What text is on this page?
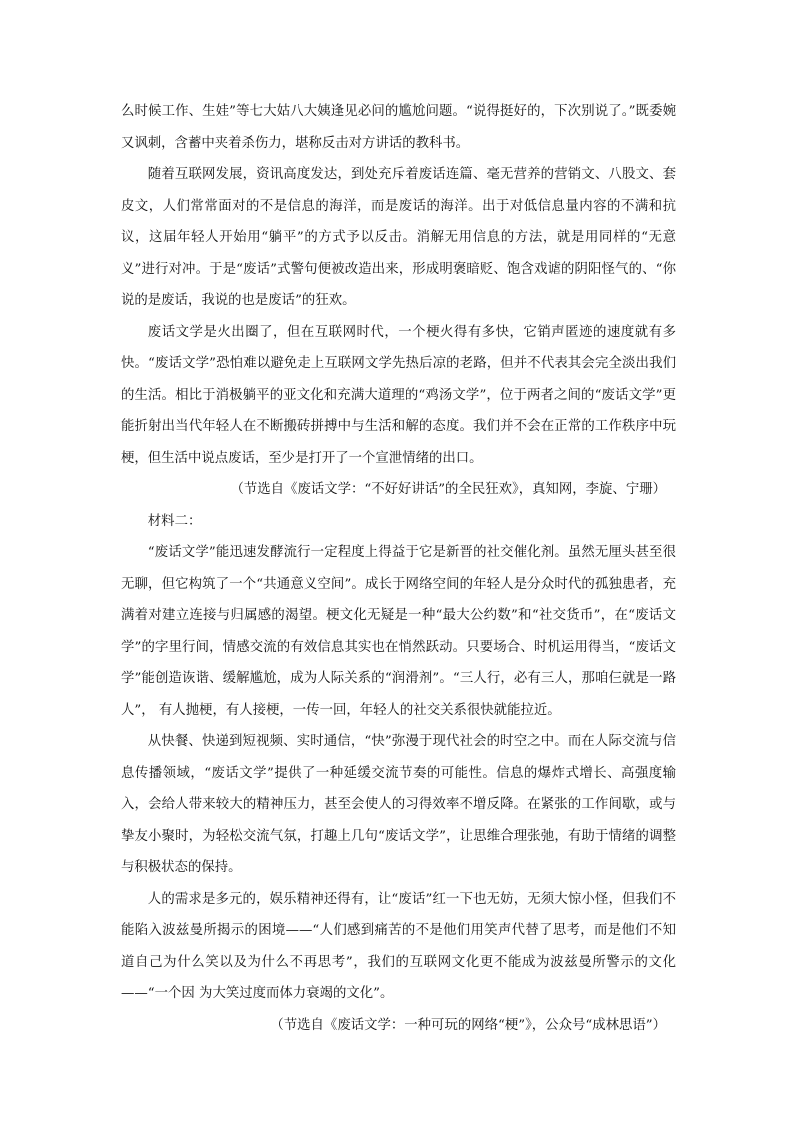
么时候工作、生娃”等七大姑八大姨逢见必问的尴尬问题。“说得挺好的，下次别说了。”既委婉又讽刺，含蓄中夹着杀伤力，堪称反击对方讲话的教科书。

随着互联网发展，资讯高度发达，到处充斥着废话连篇、毫无营养的营销文、八股文、套皮文，人们常常面对的不是信息的海洋，而是废话的海洋。出于对低信息量内容的不满和抗议，这届年轻人开始用“躺平”的方式予以反击。消解无用信息的方法，就是用同样的“无意义”进行对冲。于是“废话”式警句便被改造出来，形成明褒暗贬、饱含戏谑的阴阳怪气的、“你说的是废话，我说的也是废话”的狂欢。

废话文学是火出圈了，但在互联网时代，一个梗火得有多快，它销声匿迹的速度就有多快。“废话文学”恐怕难以避免走上互联网文学先热后凉的老路，但并不代表其会完全淡出我们的生活。相比于消极躺平的亚文化和充满大道理的“鸡汤文学”，位于两者之间的“废话文学”更能折射出当代年轻人在不断搬砖拼搏中与生活和解的态度。我们并不会在正常的工作秩序中玩梗，但生活中说点废话，至少是打开了一个宣泄情绪的出口。

（节选自《废话文学：“不好好讲话”的全民狂欢》，真知网，李旋、宁珊）

材料二：

“废话文学”能迅速发酵流行一定程度上得益于它是新晋的社交催化剂。虽然无厘头甚至很无聊，但它构筑了一个“共通意义空间”。成长于网络空间的年轻人是分众时代的孤独患者，充满着对建立连接与归属感的渴望。梗文化无疑是一种“最大公约数”和“社交货币”，在“废话文学”的字里行间，情感交流的有效信息其实也在悄然跃动。只要场合、时机运用得当，“废话文学”能创造诙谐、缓解尴尬，成为人际关系的“润滑剂”。“三人行，必有三人，那咱仨就是一路人”， 有人抛梗，有人接梗，一传一回，年轻人的社交关系很快就能拉近。

从快餐、快递到短视频、实时通信，“快”弥漫于现代社会的时空之中。而在人际交流与信息传播领域，“废话文学”提供了一种延缓交流节奏的可能性。信息的爆炸式增长、高强度输入，会给人带来较大的精神压力，甚至会使人的习得效率不增反降。在紧张的工作间歇，或与挚友小聚时，为轻松交流气氛，打趣上几句“废话文学”，让思维合理张弛，有助于情绪的调整与积极状态的保持。

人的需求是多元的，娱乐精神还得有，让“废话”红一下也无妨，无须大惊小怪，但我们不能陷入波兹曼所揭示的困境——“人们感到痛苦的不是他们用笑声代替了思考，而是他们不知道自己为什么笑以及为什么不再思考”，我们的互联网文化更不能成为波兹曼所警示的文化——“一个因 为大笑过度而体力衰竭的文化”。

（节选自《废话文学：一种可玩的网络“梗”》，公众号“成林思语”）
